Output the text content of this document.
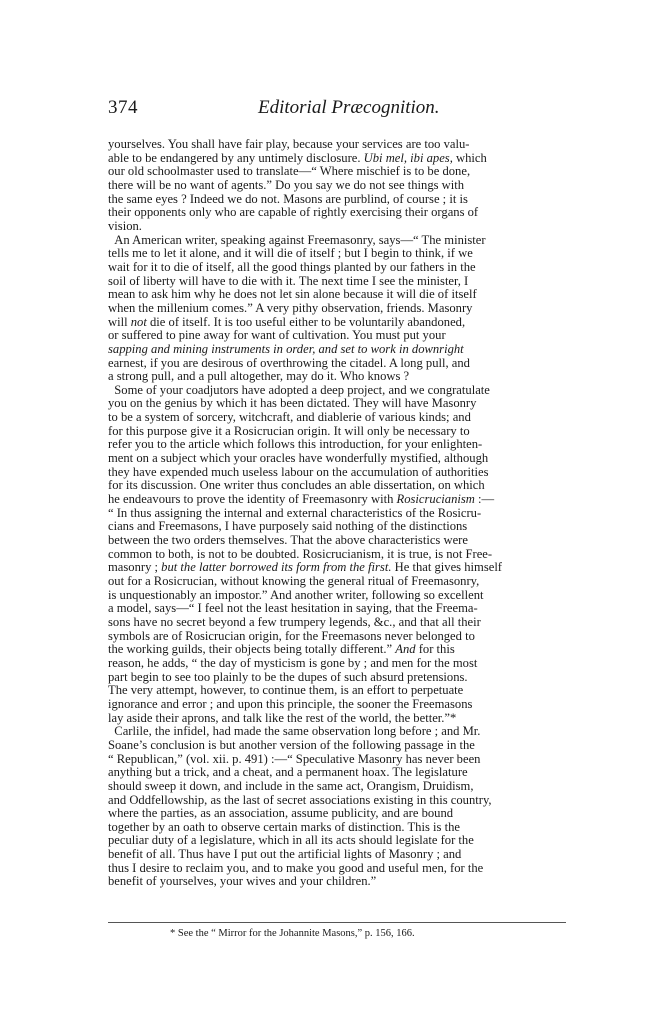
374	Editorial Præcognition.
yourselves. You shall have fair play, because your services are too valu-
able to be endangered by any untimely disclosure. Ubi mel, ibi apes, which
our old schoolmaster used to translate—“ Where mischief is to be done,
there will be no want of agents.” Do you say we do not see things with
the same eyes ? Indeed we do not. Masons are purblind, of course ; it is
their opponents only who are capable of rightly exercising their organs of
vision.
An American writer, speaking against Freemasonry, says—“ The minister
tells me to let it alone, and it will die of itself ; but I begin to think, if we
wait for it to die of itself, all the good things planted by our fathers in the
soil of liberty will have to die with it. The next time I see the minister, I
mean to ask him why he does not let sin alone because it will die of itself
when the millenium comes.” A very pithy observation, friends. Masonry
will not die of itself. It is too useful either to be voluntarily abandoned,
or suffered to pine away for want of cultivation. You must put your
sapping and mining instruments in order, and set to work in downright
earnest, if you are desirous of overthrowing the citadel. A long pull, and
a strong pull, and a pull altogether, may do it. Who knows ?
Some of your coadjutors have adopted a deep project, and we congratulate
you on the genius by which it has been dictated. They will have Masonry
to be a system of sorcery, witchcraft, and diablerie of various kinds; and
for this purpose give it a Rosicrucian origin. It will only be necessary to
refer you to the article which follows this introduction, for your enlighten-
ment on a subject which your oracles have wonderfully mystified, although
they have expended much useless labour on the accumulation of authorities
for its discussion. One writer thus concludes an able dissertation, on which
he endeavours to prove the identity of Freemasonry with Rosicrucianism :—
“ In thus assigning the internal and external characteristics of the Rosicru-
cians and Freemasons, I have purposely said nothing of the distinctions
between the two orders themselves. That the above characteristics were
common to both, is not to be doubted. Rosicrucianism, it is true, is not Free-
masonry ; but the latter borrowed its form from the first. He that gives himself
out for a Rosicrucian, without knowing the general ritual of Freemasonry,
is unquestionably an impostor.” And another writer, following so excellent
a model, says—“ I feel not the least hesitation in saying, that the Freema-
sons have no secret beyond a few trumpery legends, &c., and that all their
symbols are of Rosicrucian origin, for the Freemasons never belonged to
the working guilds, their objects being totally different.” And for this
reason, he adds, “ the day of mysticism is gone by ; and men for the most
part begin to see too plainly to be the dupes of such absurd pretensions.
The very attempt, however, to continue them, is an effort to perpetuate
ignorance and error ; and upon this principle, the sooner the Freemasons
lay aside their aprons, and talk like the rest of the world, the better.”*
Carlile, the infidel, had made the same observation long before ; and Mr.
Soane’s conclusion is but another version of the following passage in the
“ Republican,” (vol. xii. p. 491) :—“ Speculative Masonry has never been
anything but a trick, and a cheat, and a permanent hoax. The legislature
should sweep it down, and include in the same act, Orangism, Druidism,
and Oddfellowship, as the last of secret associations existing in this country,
where the parties, as an association, assume publicity, and are bound
together by an oath to observe certain marks of distinction. This is the
peculiar duty of a legislature, which in all its acts should legislate for the
benefit of all. Thus have I put out the artificial lights of Masonry ; and
thus I desire to reclaim you, and to make you good and useful men, for the
benefit of yourselves, your wives and your children.”
* See the “ Mirror for the Johannite Masons,” p. 156, 166.
